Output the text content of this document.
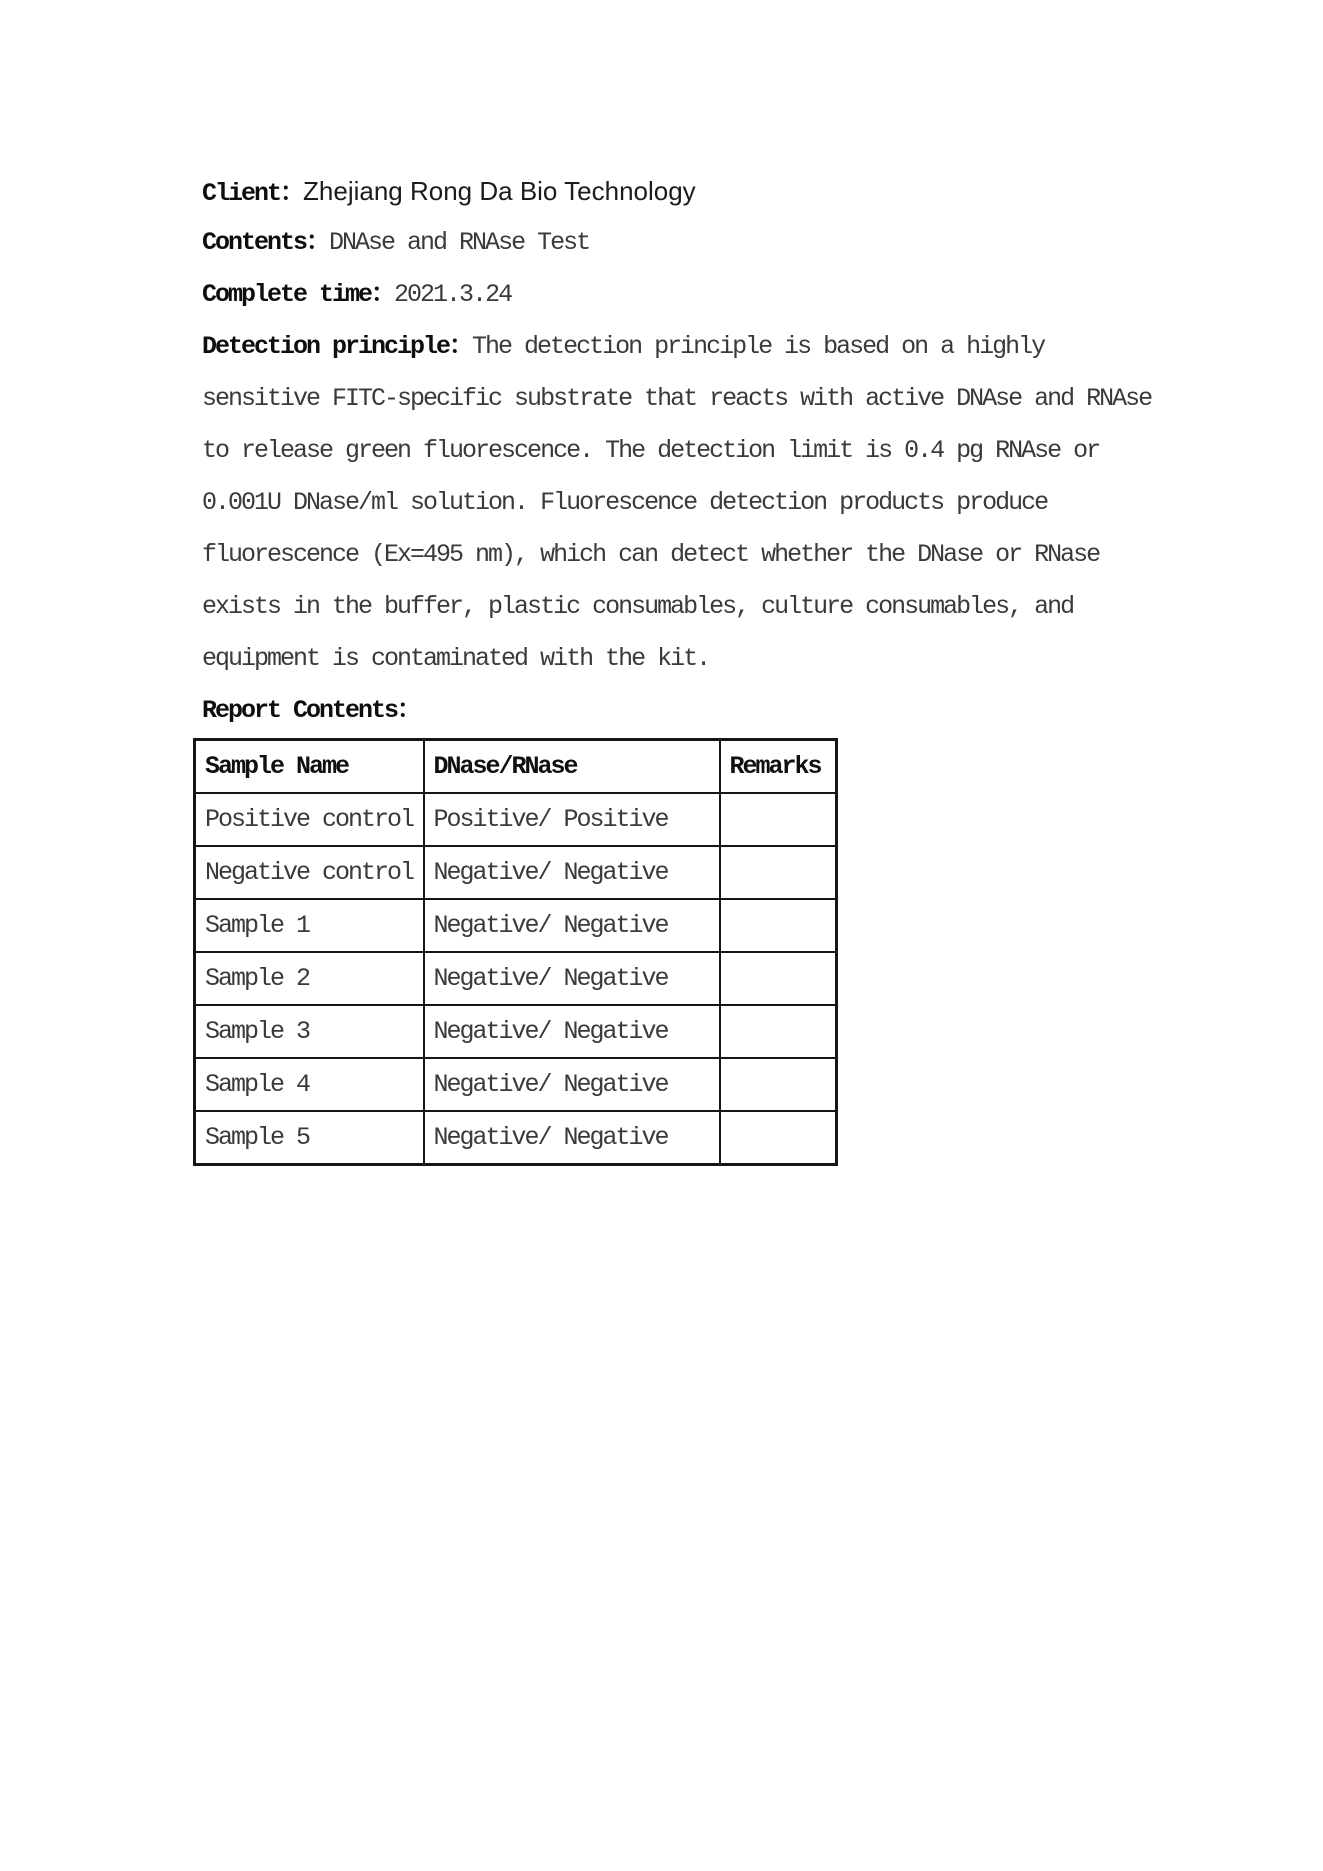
Client：Zhejiang Rong Da Bio Technology
Contents：DNAse and RNAse Test
Complete time：2021.3.24
Detection principle：The detection principle is based on a highly
sensitive FITC-specific substrate that reacts with active DNAse and RNAse
to release green fluorescence. The detection limit is 0.4 pg RNAse or
0.001U DNase/ml solution. Fluorescence detection products produce
fluorescence (Ex=495 nm), which can detect whether the DNase or RNase
exists in the buffer, plastic consumables, culture consumables, and
equipment is contaminated with the kit.
Report Contents：
Sample Name	DNase/RNase	Remarks
Positive control	Positive/ Positive	
Negative control	Negative/ Negative	
Sample 1	Negative/ Negative	
Sample 2	Negative/ Negative	
Sample 3	Negative/ Negative	
Sample 4	Negative/ Negative	
Sample 5	Negative/ Negative	
